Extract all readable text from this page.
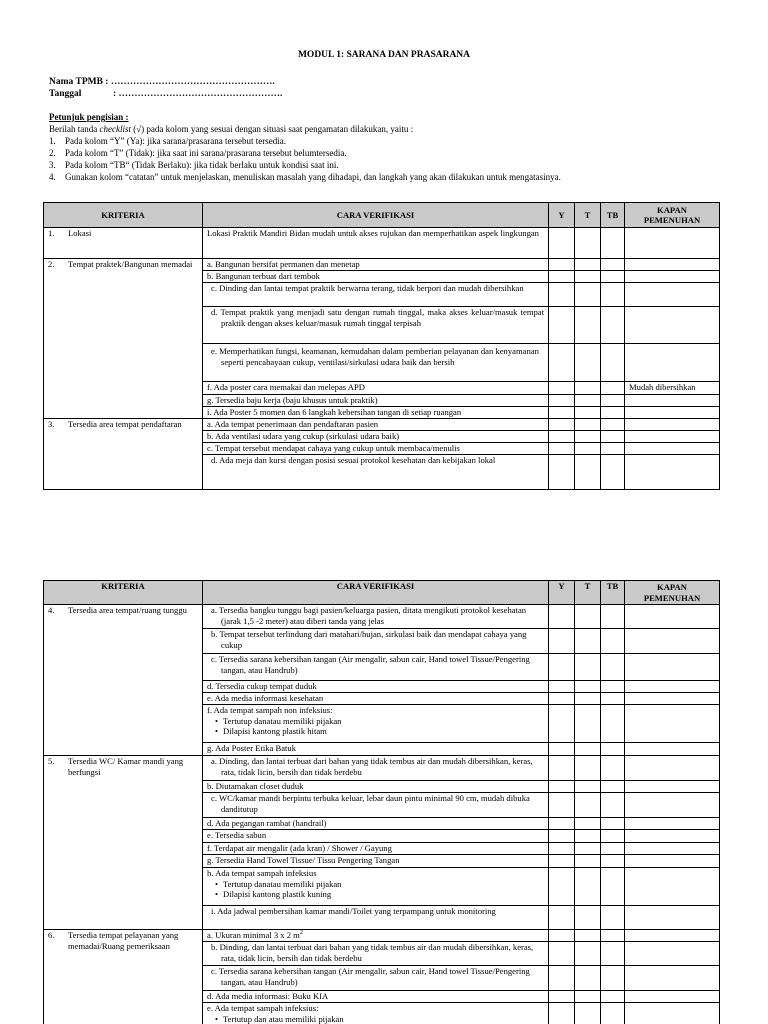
MODUL 1: SARANA DAN PRASARANA
Nama TPMB : …………………………………………….
Tanggal	: …………………………………………….
Petunjuk pengisian :
Berilah tanda checklist (√) pada kolom yang sesuai dengan situasi saat pengamatan dilakukan, yaitu :
1. Pada kolom “Y” (Ya): jika sarana/prasarana tersebut tersedia.
2. Pada kolom “T” (Tidak): jika saat ini sarana/prasarana tersebut belumtersedia.
3. Pada kolom “TB“ (Tidak Berlaku): jika tidak berlaku untuk kondisi saat ini.
4. Gunakan kolom “catatan” untuk menjelaskan, menuliskan masalah yang dihadapi, dan langkah yang akan dilakukan untuk mengatasinya.
KRITERIA	CARA VERIFIKASI	Y	T	TB	KAPAN PEMENUHAN

1. Lokasi	Lokasi Praktik Mandiri Bidan mudah untuk akses rujukan dan memperhatikan aspek lingkungan				

2. Tempat praktek/Bangunan memadai	a. Bangunan bersifat permanen dan menetap				
	b. Bangunan terbuat dari tembok				

	c. Dinding dan lantai tempat praktik berwarna terang, tidak berpori dan mudah dibersihkan				

	d. Tempat praktik yang menjadi satu dengan rumah tinggal, maka akses keluar/masuk tempat praktik dengan akses keluar/masuk rumah tinggal terpisah				

	e. Memperhatikan fungsi, keamanan, kemudahan dalam pemberian pelayanan dan kenyamanan seperti pencahayaan cukup, ventilasi/sirkulasi udara baik dan bersih				

	f. Ada poster cara memakai dan melepas APD				Mudah dibersihkan
	g. Tersedia baju kerja (baju khusus untuk praktik)				
	i. Ada Poster 5 momen dan 6 langkah kebersihan tangan di setiap ruangan				

3. Tersedia area tempat pendaftaran	a. Ada tempat penerimaan dan pendaftaran pasien				
	b. Ada ventilasi udara yang cukup (sirkulasi udara baik)				
	c. Tempat tersebut mendapat cahaya yang cukup untuk membaca/menulis				

	d. Ada meja dan kursi dengan posisi sesuai protokol kesehatan dan kebijakan lokal				

KRITERIA	CARA VERIFIKASI	Y	T	TB	KAPAN PEMENUHAN

4. Tersedia area tempat/ruang tunggu	a. Tersedia bangku tunggu bagi pasien/keluarga pasien, ditata mengikuti protokol kesehatan (jarak 1,5 -2 meter) atau diberi tanda yang jelas				

	b. Tempat tersebut terlindung dari matahari/hujan, sirkulasi baik dan mendapat cahaya yang cukup				

	c. Tersedia sarana kebersihan tangan (Air mengalir, sabun cair, Hand towel Tissue/Pengering tangan, atau Handrub)				

	d. Tersedia cukup tempat duduk				
	e. Ada media informasi kesehatan				
	f. Ada tempat sampah non infeksius:
• Tertutup danatau memiliki pijakan
• Dilapisi kantong plastik hitam

	g. Ada Poster Etika Batuk				

5. Tersedia WC/ Kamar mandi yang berfungsi	a. Dinding, dan lantai terbuat dari bahan yang tidak tembus air dan mudah dibersihkan, keras, rata, tidak licin, bersih dan tidak berdebu				

	b. Diutamakan closet duduk				

	c. WC/kamar mandi berpintu terbuka keluar, lebar daun pintu minimal 90 cm, mudah dibuka danditutup				

	d. Ada pegangan rambat (handrail)				
	e. Tersedia sabun				
	f. Terdapat air mengalir (ada kran) / Shower / Gayung				
	g. Tersedia Hand Towel Tissue/ Tissu Pengering Tangan				
	h. Ada tempat sampah infeksius
• Tertutup danatau memiliki pijakan
• Dilapisi kantong plastik kuning

	i. Ada jadwal pembersihan kamar mandi/Toilet yang terpampang untuk monitoring				

6. Tersedia tempat pelayanan yang memadai/Ruang pemeriksaan	a. Ukuran minimal 3 x 2 $m^2$				

	b. Dinding, dan lantai terbuat dari bahan yang tidak tembus air dan mudah dibersihkan, keras, rata, tidak licin, bersih dan tidak berdebu				

	c. Tersedia sarana kebersihan tangan (Air mengalir, sabun cair, Hand towel Tissue/Pengering tangan, atau Handrub)				

	d. Ada media informasi: Buku KIA				
	e. Ada tempat sampah infeksius:
• Tertutup dan atau memiliki pijakan
